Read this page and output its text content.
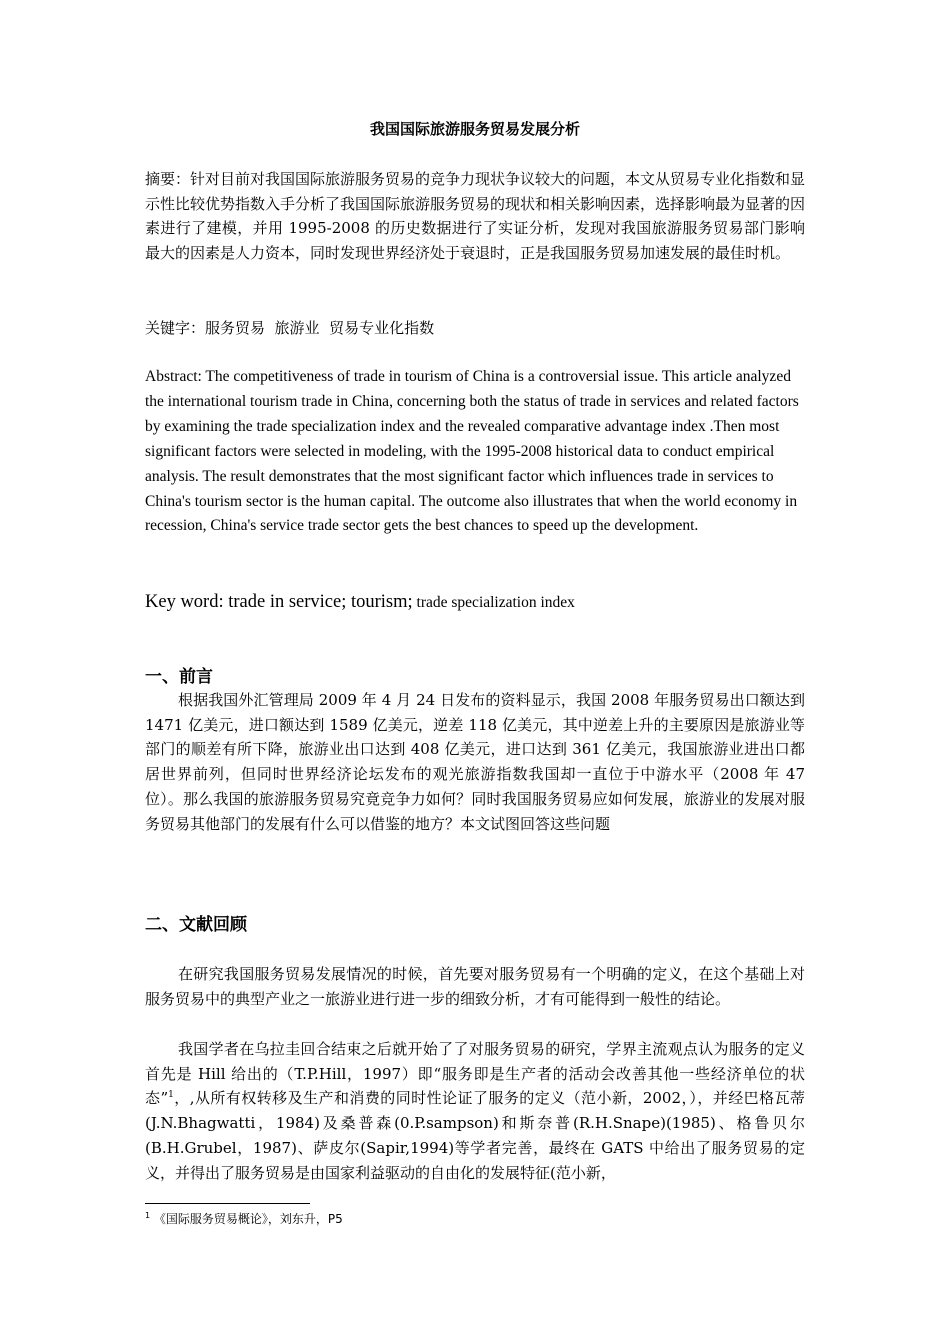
我国国际旅游服务贸易发展分析

摘要：针对目前对我国国际旅游服务贸易的竞争力现状争议较大的问题，本文从贸易专业化指数和显示性比较优势指数入手分析了我国国际旅游服务贸易的现状和相关影响因素，选择影响最为显著的因素进行了建模，并用 1995-2008 的历史数据进行了实证分析，发现对我国旅游服务贸易部门影响最大的因素是人力资本，同时发现世界经济处于衰退时，正是我国服务贸易加速发展的最佳时机。

关键字：服务贸易  旅游业  贸易专业化指数

Abstract: The competitiveness of trade in tourism of China is a controversial issue. This article analyzed the international tourism trade in China, concerning both the status of trade in services and related factors by examining the trade specialization index and the revealed comparative advantage index .Then most significant factors were selected in modeling, with the 1995-2008 historical data to conduct empirical analysis. The result demonstrates that the most significant factor which influences trade in services to China's tourism sector is the human capital. The outcome also illustrates that when the world economy in recession, China's service trade sector gets the best chances to speed up the development.

Key word: trade in service; tourism; trade specialization index

一、前言

根据我国外汇管理局 2009 年 4 月 24 日发布的资料显示，我国 2008 年服务贸易出口额达到 1471 亿美元，进口额达到 1589 亿美元，逆差 118 亿美元，其中逆差上升的主要原因是旅游业等部门的顺差有所下降，旅游业出口达到 408 亿美元，进口达到 361 亿美元，我国旅游业进出口都居世界前列，但同时世界经济论坛发布的观光旅游指数我国却一直位于中游水平（2008 年 47 位）。那么我国的旅游服务贸易究竟竞争力如何？同时我国服务贸易应如何发展，旅游业的发展对服务贸易其他部门的发展有什么可以借鉴的地方？本文试图回答这些问题

二、文献回顾

在研究我国服务贸易发展情况的时候，首先要对服务贸易有一个明确的定义，在这个基础上对服务贸易中的典型产业之一旅游业进行进一步的细致分析，才有可能得到一般性的结论。

我国学者在乌拉圭回合结束之后就开始了了对服务贸易的研究，学界主流观点认为服务的定义首先是 Hill 给出的（T.P.Hill，1997）即“服务即是生产者的活动会改善其他一些经济单位的状态”$^1$，,从所有权转移及生产和消费的同时性论证了服务的定义（范小新，2002，），并经巴格瓦蒂(J.N.Bhagwatti，1984)及桑普森(0.P.sampson)和斯奈普(R.H.Snape)(1985)、格鲁贝尔(B.H.Grubel，1987)、萨皮尔(Sapir,1994)等学者完善，最终在 GATS 中给出了服务贸易的定义，并得出了服务贸易是由国家利益驱动的自由化的发展特征(范小新，

$^1$ 《国际服务贸易概论》，刘东升，P5
